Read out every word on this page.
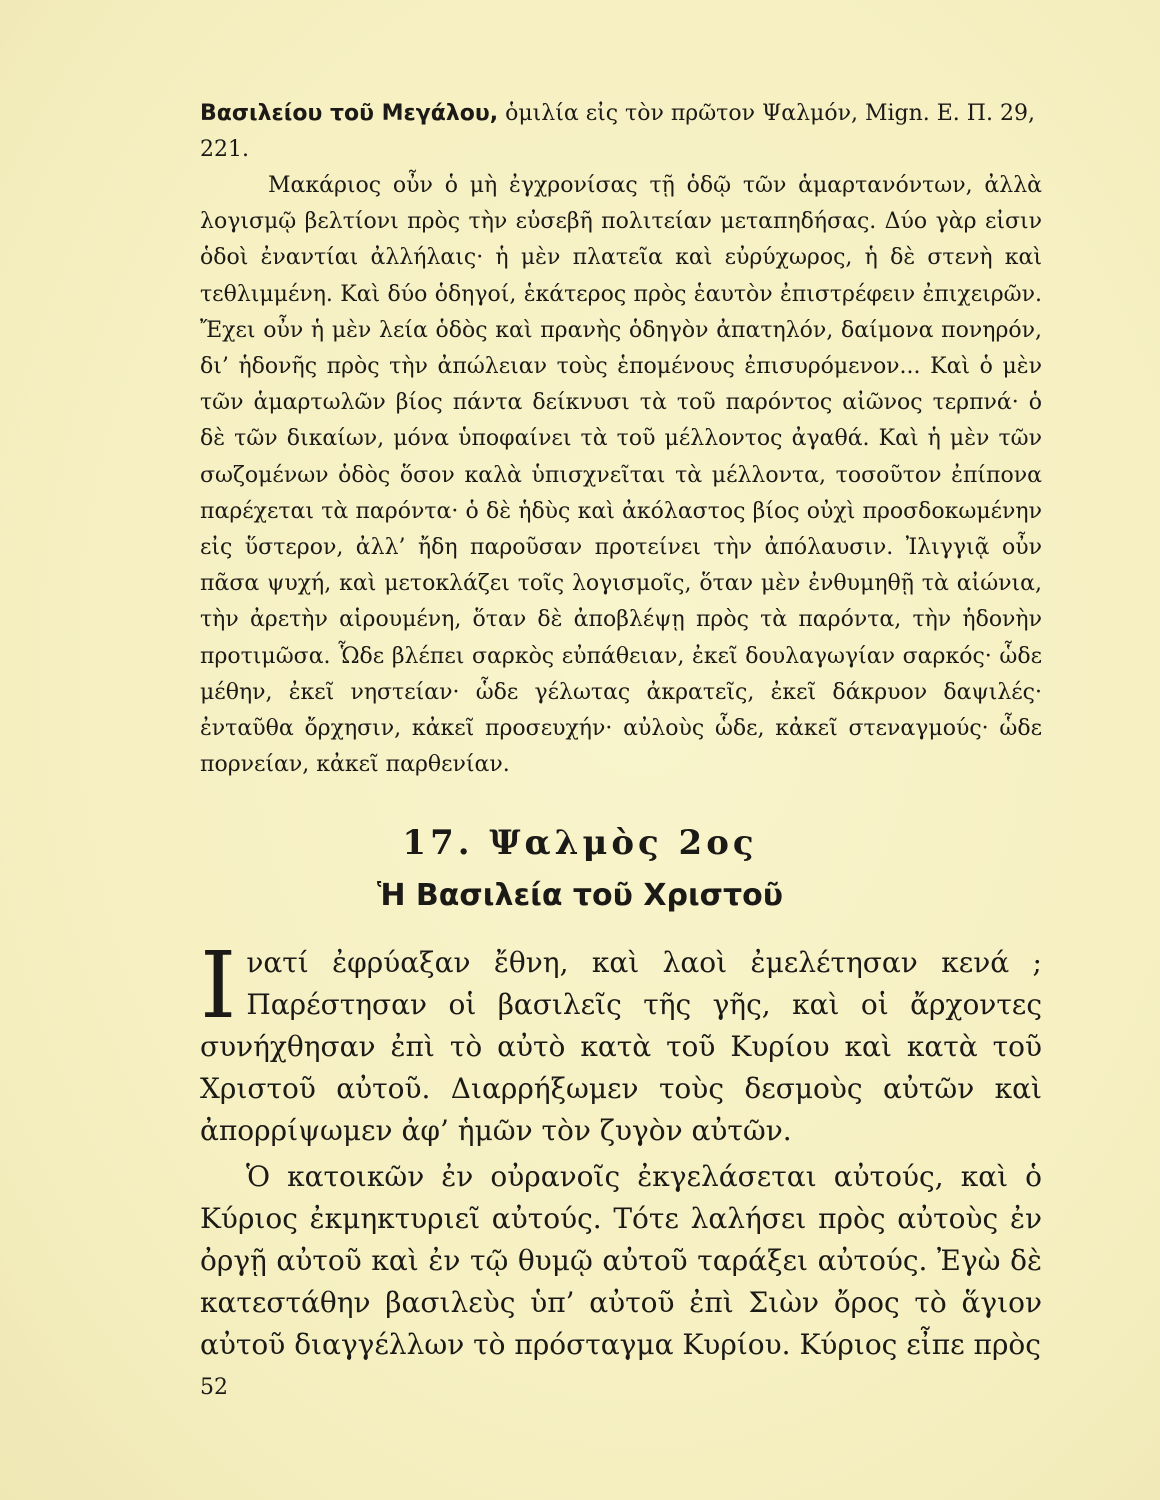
Βασιλείου τοῦ Μεγάλου, ὁμιλία εἰς τὸν πρῶτον Ψαλμόν, Mign. E. Π. 29, 221.

Μακάριος οὖν ὁ μὴ ἐγχρονίσας τῇ ὁδῷ τῶν ἁμαρτανόντων, ἀλλὰ λογισμῷ βελτίονι πρὸς τὴν εὐσεβῆ πολιτείαν μεταπηδήσας. Δύο γὰρ εἰσιν ὁδοὶ ἐναντίαι ἀλλήλαις· ἡ μὲν πλατεῖα καὶ εὐρύχωρος, ἡ δὲ στενὴ καὶ τεθλιμμένη. Καὶ δύο ὁδηγοί, ἑκάτερος πρὸς ἑαυτὸν ἐπιστρέφειν ἐπιχειρῶν. Ἔχει οὖν ἡ μὲν λεία ὁδὸς καὶ πρανὴς ὁδηγὸν ἀπατηλόν, δαίμονα πονηρόν, δι’ ἡδονῆς πρὸς τὴν ἀπώλειαν τοὺς ἑπομένους ἐπισυρόμενον... Καὶ ὁ μὲν τῶν ἁμαρτωλῶν βίος πάντα δείκνυσι τὰ τοῦ παρόντος αἰῶνος τερπνά· ὁ δὲ τῶν δικαίων, μόνα ὑποφαίνει τὰ τοῦ μέλλοντος ἀγαθά. Καὶ ἡ μὲν τῶν σωζομένων ὁδὸς ὅσον καλὰ ὑπισχνεῖται τὰ μέλλοντα, τοσοῦτον ἐπίπονα παρέχεται τὰ παρόντα· ὁ δὲ ἡδὺς καὶ ἀκόλαστος βίος οὐχὶ προσδοκωμένην εἰς ὕστερον, ἀλλ’ ἤδη παροῦσαν προτείνει τὴν ἀπόλαυσιν. Ἰλιγγιᾷ οὖν πᾶσα ψυχή, καὶ μετοκλάζει τοῖς λογισμοῖς, ὅταν μὲν ἐνθυμηθῇ τὰ αἰώνια, τὴν ἀρετὴν αἱρουμένη, ὅταν δὲ ἀποβλέψῃ πρὸς τὰ παρόντα, τὴν ἡδονὴν προτιμῶσα. Ὧδε βλέπει σαρκὸς εὐπάθειαν, ἐκεῖ δουλαγωγίαν σαρκός· ὧδε μέθην, ἐκεῖ νηστείαν· ὧδε γέλωτας ἀκρατεῖς, ἐκεῖ δάκρυον δαψιλές· ἐνταῦθα ὄρχησιν, κἀκεῖ προσευχήν· αὐλοὺς ὧδε, κἀκεῖ στεναγμούς· ὧδε πορνείαν, κἀκεῖ παρθενίαν.

17. Ψαλμὸς 2ος
Ἡ Βασιλεία τοῦ Χριστοῦ

Iνατί ἐφρύαξαν ἔθνη, καὶ λαοὶ ἐμελέτησαν κενά ; Παρέστησαν οἱ βασιλεῖς τῆς γῆς, καὶ οἱ ἄρχοντες συνήχθησαν ἐπὶ τὸ αὐτὸ κατὰ τοῦ Κυρίου καὶ κατὰ τοῦ Χριστοῦ αὐτοῦ. Διαρρήξωμεν τοὺς δεσμοὺς αὐτῶν καὶ ἀπορρίψωμεν ἀφ’ ἡμῶν τὸν ζυγὸν αὐτῶν.

Ὁ κατοικῶν ἐν οὐρανοῖς ἐκγελάσεται αὐτούς, καὶ ὁ Κύριος ἐκμηκτυριεῖ αὐτούς. Τότε λαλήσει πρὸς αὐτοὺς ἐν ὀργῇ αὐτοῦ καὶ ἐν τῷ θυμῷ αὐτοῦ ταράξει αὐτούς. Ἐγὼ δὲ κατεστάθην βασιλεὺς ὑπ’ αὐτοῦ ἐπὶ Σιὼν ὄρος τὸ ἅγιον αὐτοῦ διαγγέλλων τὸ πρόσταγμα Κυρίου. Κύριος εἶπε πρὸς

52
